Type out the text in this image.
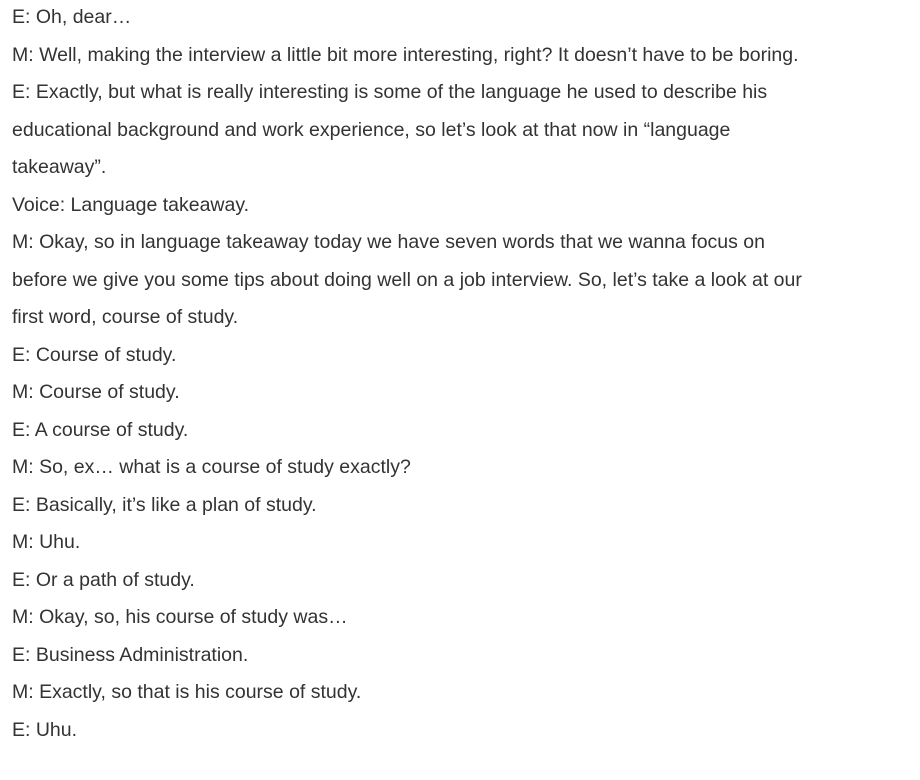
E: Oh, dear…

M: Well, making the interview a little bit more interesting, right? It doesn’t have to be boring.

E: Exactly, but what is really interesting is some of the language he used to describe his educational background and work experience, so let’s look at that now in “language takeaway”.

Voice: Language takeaway.

M: Okay, so in language takeaway today we have seven words that we wanna focus on before we give you some tips about doing well on a job interview. So, let’s take a look at our first word, course of study.

E: Course of study.

M: Course of study.

E: A course of study.

M: So, ex… what is a course of study exactly?

E: Basically, it’s like a plan of study.

M: Uhu.

E: Or a path of study.

M: Okay, so, his course of study was…

E: Business Administration.

M: Exactly, so that is his course of study.

E: Uhu.
